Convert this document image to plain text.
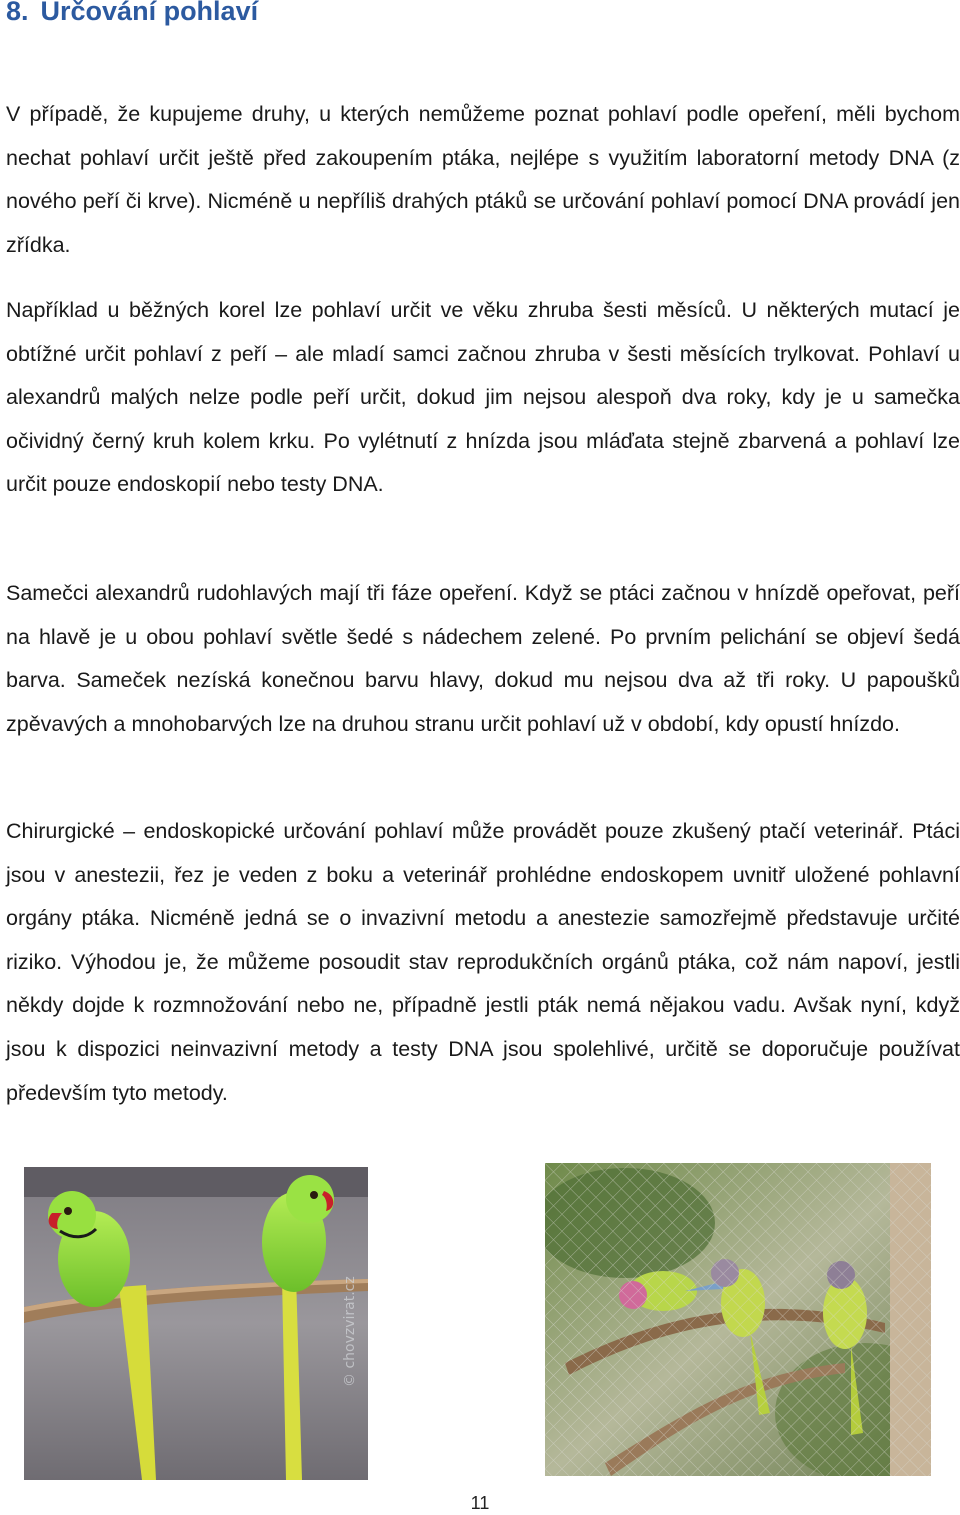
8. Určování pohlaví

V případě, že kupujeme druhy, u kterých nemůžeme poznat pohlaví podle opeření, měli bychom nechat pohlaví určit ještě před zakoupením ptáka, nejlépe s využitím laboratorní metody DNA (z nového peří či krve). Nicméně u nepříliš drahých ptáků se určování pohlaví pomocí DNA provádí jen zřídka.

Například u běžných korel lze pohlaví určit ve věku zhruba šesti měsíců. U některých mutací je obtížné určit pohlaví z peří – ale mladí samci začnou zhruba v šesti měsících trylkovat. Pohlaví u alexandrů malých nelze podle peří určit, dokud jim nejsou alespoň dva roky, kdy je u samečka očividný černý kruh kolem krku. Po vylétnutí z hnízda jsou mláďata stejně zbarvená a pohlaví lze určit pouze endoskopií nebo testy DNA.

Samečci alexandrů rudohlavých mají tři fáze opeření. Když se ptáci začnou v hnízdě opeřovat, peří na hlavě je u obou pohlaví světle šedé s nádechem zelené. Po prvním pelichání se objeví šedá barva. Sameček nezíská konečnou barvu hlavy, dokud mu nejsou dva až tři roky. U papoušků zpěvavých a mnohobarvých lze na druhou stranu určit pohlaví už v období, kdy opustí hnízdo.

Chirurgické – endoskopické určování pohlaví může provádět pouze zkušený ptačí veterinář. Ptáci jsou v anestezii, řez je veden z boku a veterinář prohlédne endoskopem uvnitř uložené pohlavní orgány ptáka. Nicméně jedná se o invazivní metodu a anestezie samozřejmě představuje určité riziko. Výhodou je, že můžeme posoudit stav reprodukčních orgánů ptáka, což nám napoví, jestli někdy dojde k rozmnožování nebo ne, případně jestli pták nemá nějakou vadu. Avšak nyní, když jsou k dispozici neinvazivní metody a testy DNA jsou spolehlivé, určitě se doporučuje používat především tyto metody.

© chovzvirat.cz
11
